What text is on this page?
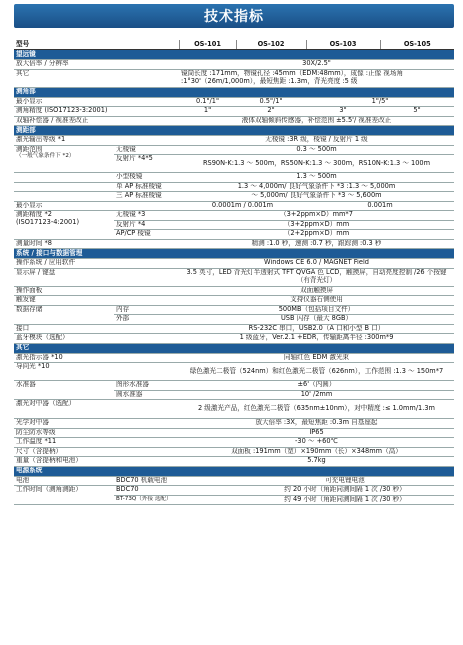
技术指标
型号		OS-101	OS-102	OS-103	OS-105
望远镜					
放大倍率 / 分辨率		30X/2.5"			
其它		镜筒长度 :171mm，物镜孔径 :45mm（EDM:48mm），成像 :正像 视场角 :1°30'（26m/1,000m），最短焦距 :1.3m，背光亮度 :5 级			
测角部					
最小显示		0.1"/1"	0.5"/1"	1"/5"	
测角精度 (ISO17123-3:2001)		1"	2"	3"	5"
双轴补偿器 / 视准差改正		液体双轴倾斜传感器，补偿范围 ±5.5'/ 视准差改正			
测距部					
激光输出等级 *1		无棱镜 :3R 级，棱镜 / 反射片 1 级			

测距范围
（一般气象条件下 *2）	无棱镜	0.3 ～ 500m			
	反射片 *4*5	RS90N-K:1.3 ～ 500m，RS50N-K:1.3 ～ 300m，RS10N-K:1.3 ～ 100m			
	小型棱镜	1.3 ～ 500m			
	单 AP 标准棱镜	1.3 ～ 4,000m/ 良好气象条件下 *3 :1.3 ～ 5,000m			
	三 AP 标准棱镜	～ 5,000m/ 良好气象条件下 *3 ～ 5,600m			
最小显示		0.0001m / 0.001m		0.001m	

测距精度 *2
(ISO17123-4:2001)	无棱镜 *3	（3+2ppm×D）mm*7			
	反射片 *4	（3+2ppm×D）mm			
	AP/CP 棱镜	（2+2ppm×D）mm			
测量时间 *8		精测 :1.0 秒，速测 :0.7 秒，跟踪测 :0.3 秒			
系统 / 接口与数据管理					
操作系统 / 应用软件		Windows CE 6.0 / MAGNET Field			
显示屏 / 键盘		3.5 英寸，LED 背光灯半透射式 TFT QVGA 色 LCD，触摸屏，自动亮度控制 /26 个按键（有背光灯）			
操作面板		双面触摸屏			
触发键		支持仪器右侧使用			
数据存储	内存	500MB（包括项目文件）			
	外部	USB 闪存（最大 8GB）			
接口		RS-232C 串口，USB2.0（A 口和小型 B 口）			
蓝牙模块（选配）		1 级蓝牙，Ver.2.1 +EDR，传输距离半径 :300m*9			
其它					
激光指示器 *10		同轴红色 EDM 激光束			
导向光 *10		绿色激光二极管（524nm）和红色激光二极管（626nm），工作范围 :1.3 ～ 150m*7			
水准器	图形水准器	±6'（内圆）			
	圆水准器	10' /2mm			
激光对中器（选配）		2 级激光产品，红色激光二极管（635nm±10nm），对中精度 :≤ 1.0mm/1.3m			
光学对中器		放大倍率 :3X，最短焦距 :0.3m 自基座起			
防尘防水等级		IP65			
工作温度 *11		-30 ～ +60℃			
尺寸（含提柄）		双面板 :191mm（宽）×190mm（长）×348mm（高）			
重量（含提柄和电池）		5.7kg			
电源系统					
电池	BDC70 机载电池		可充电锂电池		
工作时间（测角测距）	BDC70		约 20 小时（角距同测间隔 1 次 /30 秒）		
	BT-73Q（外接 选配）		约 49 小时（角距同测间隔 1 次 /30 秒）		
